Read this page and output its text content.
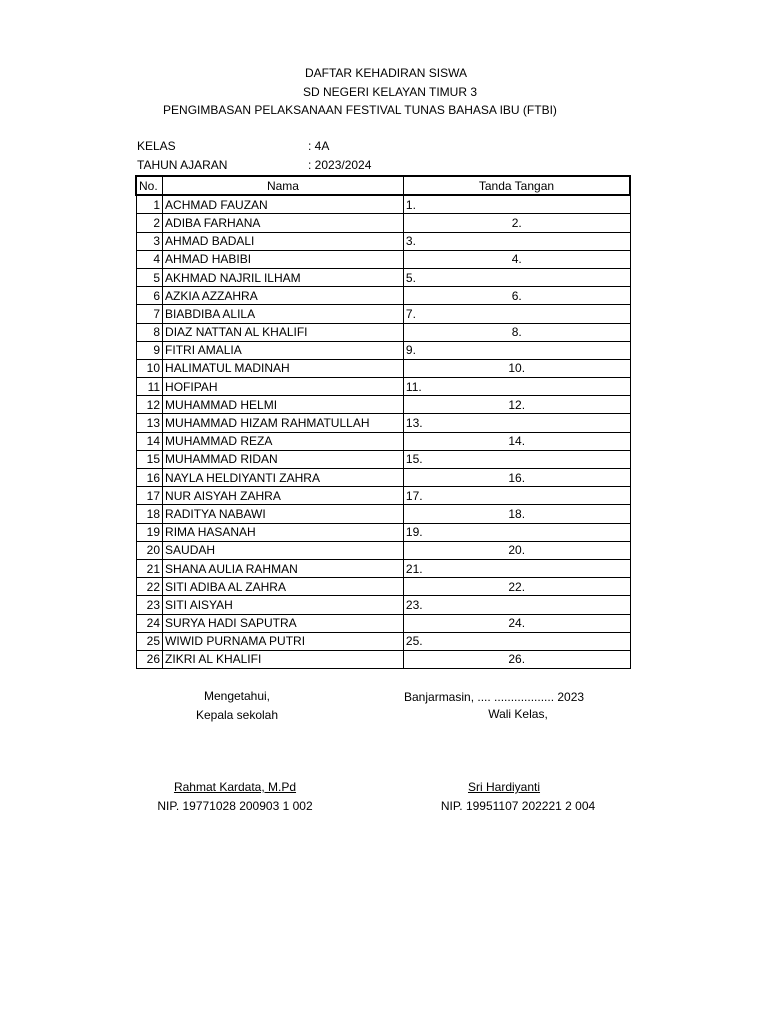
DAFTAR KEHADIRAN SISWA
SD NEGERI KELAYAN TIMUR 3
PENGIMBASAN PELAKSANAAN FESTIVAL TUNAS BAHASA IBU (FTBI)
KELAS	: 4A
TAHUN AJARAN	: 2023/2024
No.	Nama	Tanda Tangan
1	ACHMAD FAUZAN	1.
2	ADIBA FARHANA	2.
3	AHMAD BADALI	3.
4	AHMAD HABIBI	4.
5	AKHMAD NAJRIL ILHAM	5.
6	AZKIA AZZAHRA	6.
7	BIABDIBA ALILA	7.
8	DIAZ NATTAN AL KHALIFI	8.
9	FITRI AMALIA	9.
10	HALIMATUL MADINAH	10.
11	HOFIPAH	11.
12	MUHAMMAD HELMI	12.
13	MUHAMMAD HIZAM RAHMATULLAH	13.
14	MUHAMMAD REZA	14.
15	MUHAMMAD RIDAN	15.
16	NAYLA HELDIYANTI ZAHRA	16.
17	NUR AISYAH ZAHRA	17.
18	RADITYA NABAWI	18.
19	RIMA HASANAH	19.
20	SAUDAH	20.
21	SHANA AULIA RAHMAN	21.
22	SITI ADIBA AL ZAHRA	22.
23	SITI AISYAH	23.
24	SURYA HADI SAPUTRA	24.
25	WIWID PURNAMA PUTRI	25.
26	ZIKRI AL KHALIFI	26.
Mengetahui,
Kepala sekolah
Rahmat Kardata, M.Pd
NIP. 19771028 200903 1 002
Banjarmasin, .... .................. 2023
Wali Kelas,
Sri Hardiyanti
NIP. 19951107 202221 2 004
